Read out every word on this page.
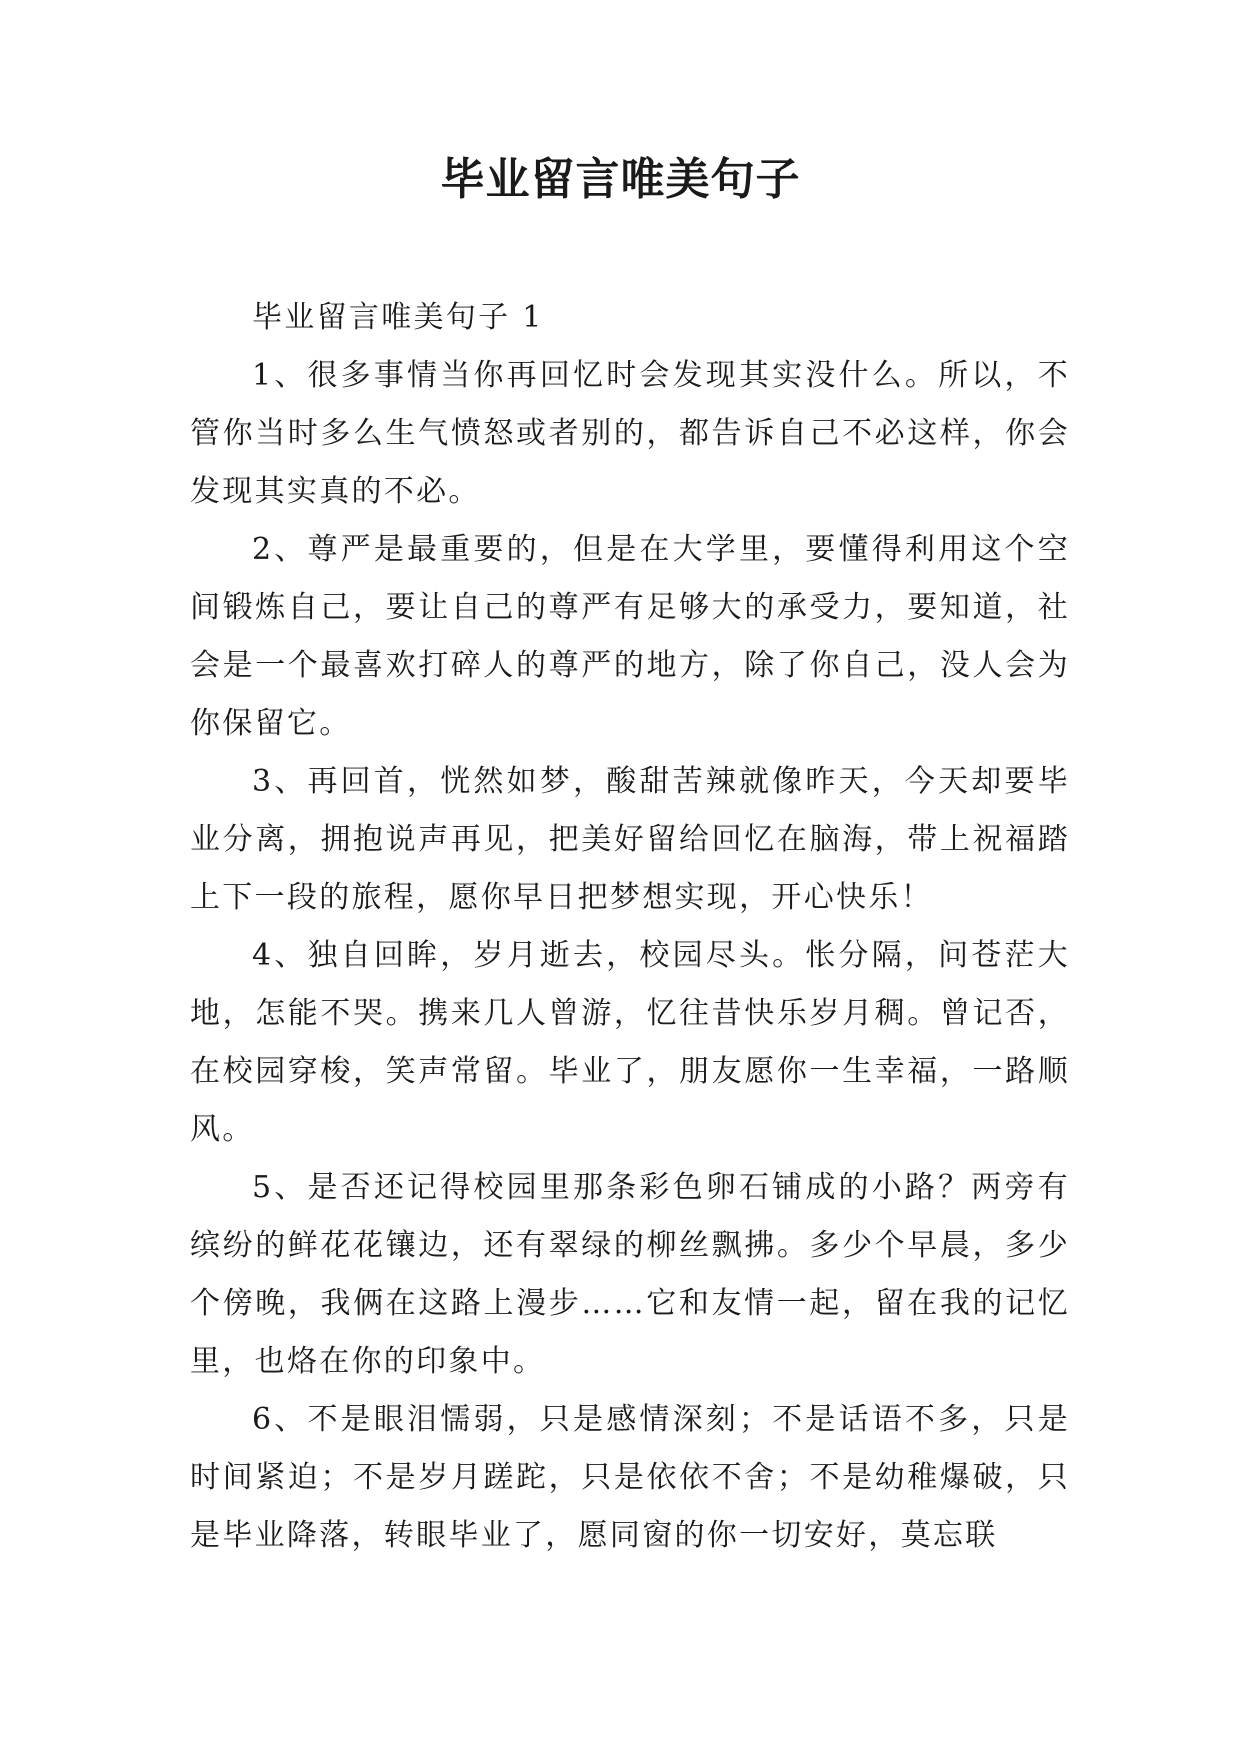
毕业留言唯美句子

毕业留言唯美句子 1

1、很多事情当你再回忆时会发现其实没什么。所以，不管你当时多么生气愤怒或者别的，都告诉自己不必这样，你会发现其实真的不必。

2、尊严是最重要的，但是在大学里，要懂得利用这个空间锻炼自己，要让自己的尊严有足够大的承受力，要知道，社会是一个最喜欢打碎人的尊严的地方，除了你自己，没人会为你保留它。

3、再回首，恍然如梦，酸甜苦辣就像昨天，今天却要毕业分离，拥抱说声再见，把美好留给回忆在脑海，带上祝福踏上下一段的旅程，愿你早日把梦想实现，开心快乐！

4、独自回眸，岁月逝去，校园尽头。怅分隔，问苍茫大地，怎能不哭。携来几人曾游，忆往昔快乐岁月稠。曾记否，在校园穿梭，笑声常留。毕业了，朋友愿你一生幸福，一路顺风。

5、是否还记得校园里那条彩色卵石铺成的小路？两旁有缤纷的鲜花花镶边，还有翠绿的柳丝飘拂。多少个早晨，多少个傍晚，我俩在这路上漫步……它和友情一起，留在我的记忆里，也烙在你的印象中。

6、不是眼泪懦弱，只是感情深刻；不是话语不多，只是时间紧迫；不是岁月蹉跎，只是依依不舍；不是幼稚爆破，只是毕业降落，转眼毕业了，愿同窗的你一切安好，莫忘联
